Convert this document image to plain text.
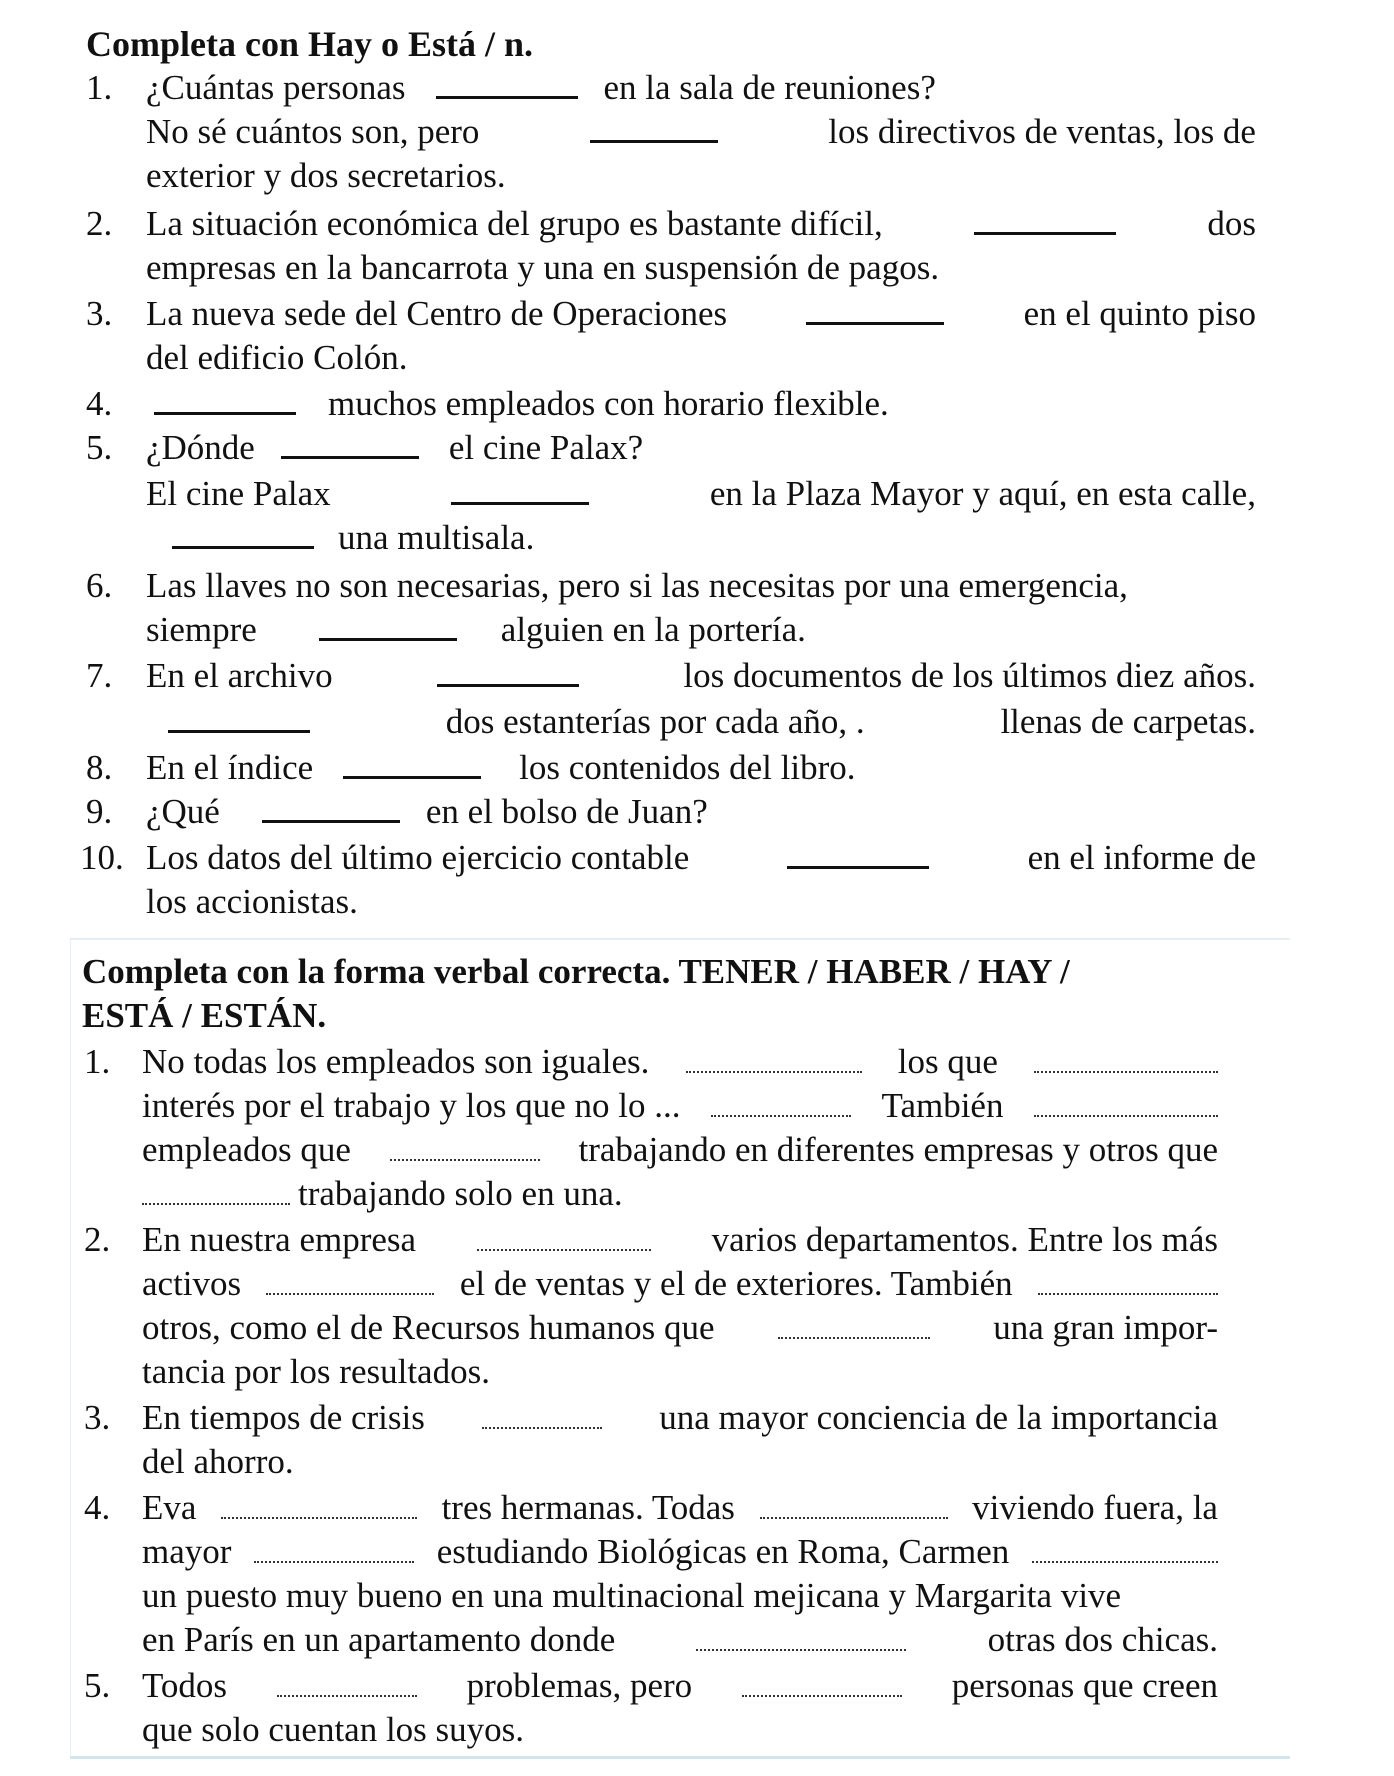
Completa con Hay o Está / n.
1. ¿Cuántas personas	en la sala de reuniones?
No sé cuántos son, pero	los directivos de ventas, los de
exterior y dos secretarios.
2. La situación económica del grupo es bastante difícil,	dos
empresas en la bancarrota y una en suspensión de pagos.
3. La nueva sede del Centro de Operaciones	en el quinto piso
del edificio Colón.
4.	muchos empleados con horario flexible.
5. ¿Dónde	el cine Palax?
El cine Palax	en la Plaza Mayor y aquí, en esta calle,
una multisala.
6. Las llaves no son necesarias, pero si las necesitas por una emergencia,
siempre	alguien en la portería.
7. En el archivo	los documentos de los últimos diez años.
dos estanterías por cada año, .	llenas de carpetas.
8. En el índice	los contenidos del libro.
9. ¿Qué	en el bolso de Juan?
10. Los datos del último ejercicio contable	en el informe de
los accionistas.
Completa con la forma verbal correcta. TENER / HABER / HAY /
ESTÁ / ESTÁN.
1. No todas los empleados son iguales.	los que
interés por el trabajo y los que no lo ...	También
empleados que	trabajando en diferentes empresas y otros que
trabajando solo en una.
2. En nuestra empresa	varios departamentos. Entre los más
activos	el de ventas y el de exteriores. También
otros, como el de Recursos humanos que	una gran impor-
tancia por los resultados.
3. En tiempos de crisis	una mayor conciencia de la importancia
del ahorro.
4. Eva	tres hermanas. Todas	viviendo fuera, la
mayor	estudiando Biológicas en Roma, Carmen
un puesto muy bueno en una multinacional mejicana y Margarita vive
en París en un apartamento donde	otras dos chicas.
5. Todos	problemas, pero	personas que creen
que solo cuentan los suyos.
